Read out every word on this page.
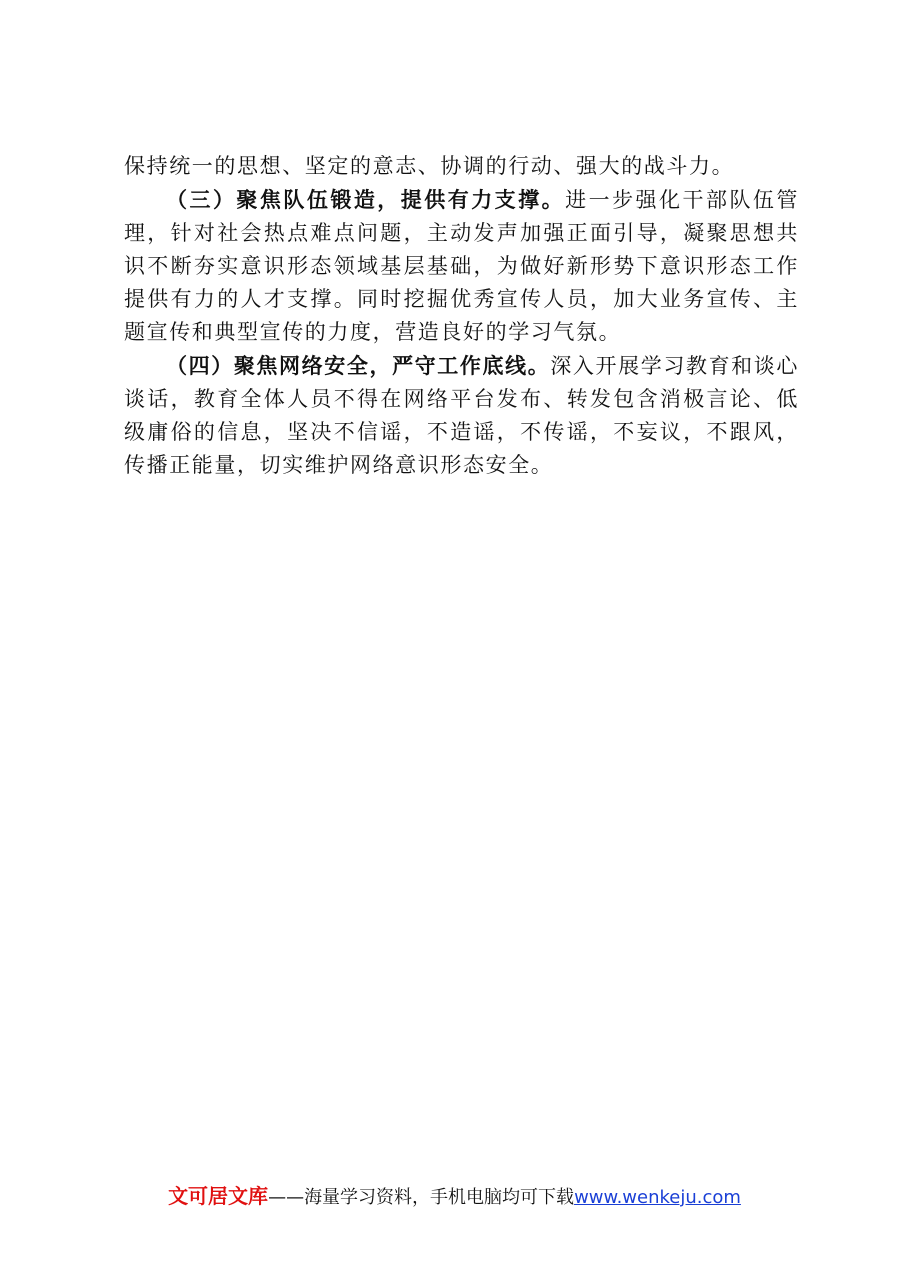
保持统一的思想、坚定的意志、协调的行动、强大的战斗力。

（三）聚焦队伍锻造，提供有力支撑。进一步强化干部队伍管理，针对社会热点难点问题，主动发声加强正面引导，凝聚思想共识不断夯实意识形态领域基层基础，为做好新形势下意识形态工作提供有力的人才支撑。同时挖掘优秀宣传人员，加大业务宣传、主题宣传和典型宣传的力度，营造良好的学习气氛。

（四）聚焦网络安全，严守工作底线。深入开展学习教育和谈心谈话，教育全体人员不得在网络平台发布、转发包含消极言论、低级庸俗的信息，坚决不信谣，不造谣，不传谣，不妄议，不跟风，传播正能量，切实维护网络意识形态安全。

文可居文库——海量学习资料，手机电脑均可下载www.wenkeju.com
